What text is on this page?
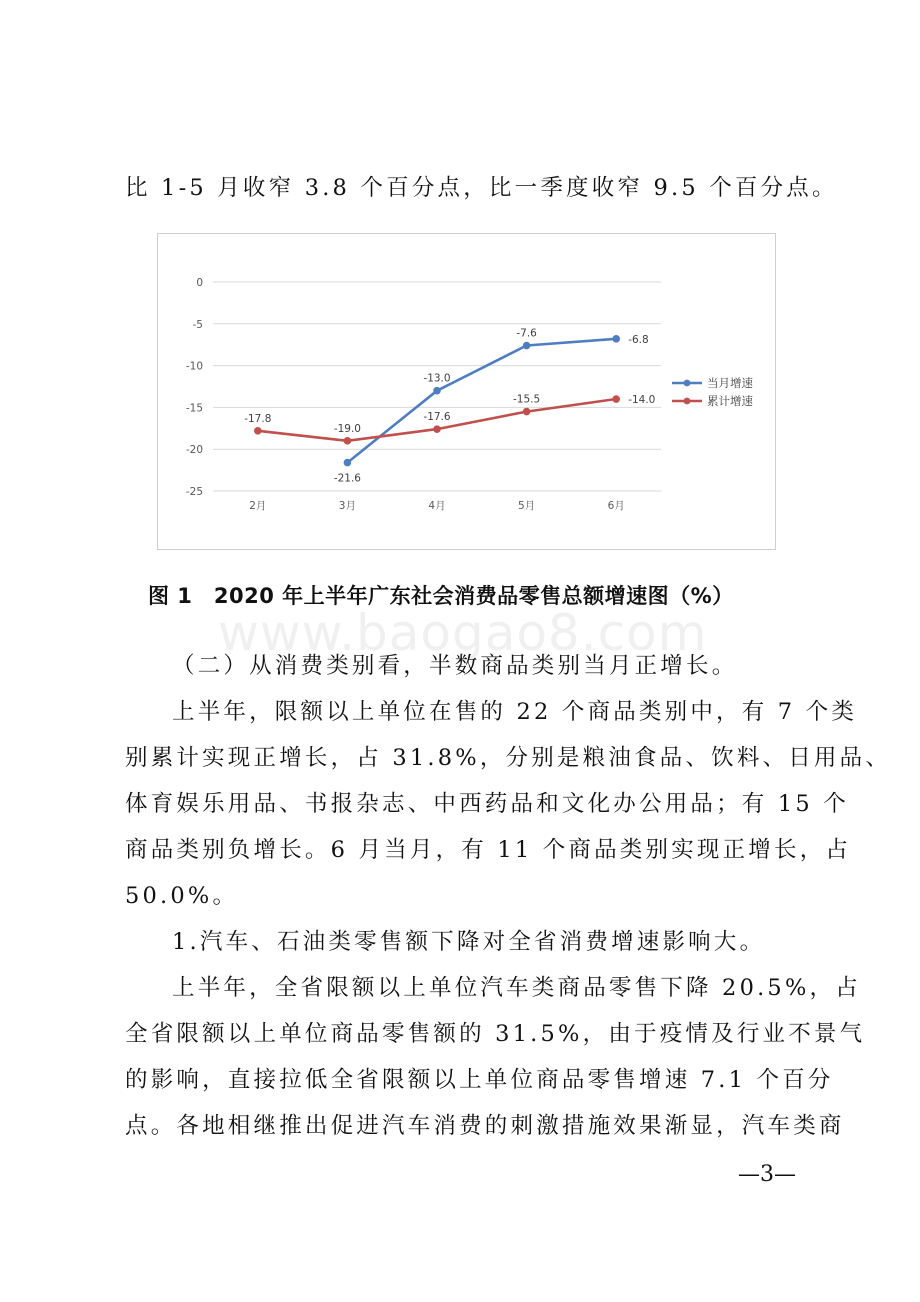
比 1-5 月收窄 3.8 个百分点，比一季度收窄 9.5 个百分点。
0
-5
-10
-15
-20
-25
2月	3月	4月	5月	6月
-21.6
-13.0
-7.6
-6.8
-17.8
-19.0
-17.6
-15.5	-14.0
当月增速
累计增速
图 1　2020 年上半年广东社会消费品零售总额增速图（%）
www.baogao8.com
（二）从消费类别看，半数商品类别当月正增长。
上半年，限额以上单位在售的 22 个商品类别中，有 7 个类
别累计实现正增长，占 31.8%，分别是粮油食品、饮料、日用品、
体育娱乐用品、书报杂志、中西药品和文化办公用品；有 15 个
商品类别负增长。6 月当月，有 11 个商品类别实现正增长，占
50.0%。
1.汽车、石油类零售额下降对全省消费增速影响大。
上半年，全省限额以上单位汽车类商品零售下降 20.5%，占
全省限额以上单位商品零售额的 31.5%，由于疫情及行业不景气
的影响，直接拉低全省限额以上单位商品零售增速 7.1 个百分
点。各地相继推出促进汽车消费的刺激措施效果渐显，汽车类商
—3—
